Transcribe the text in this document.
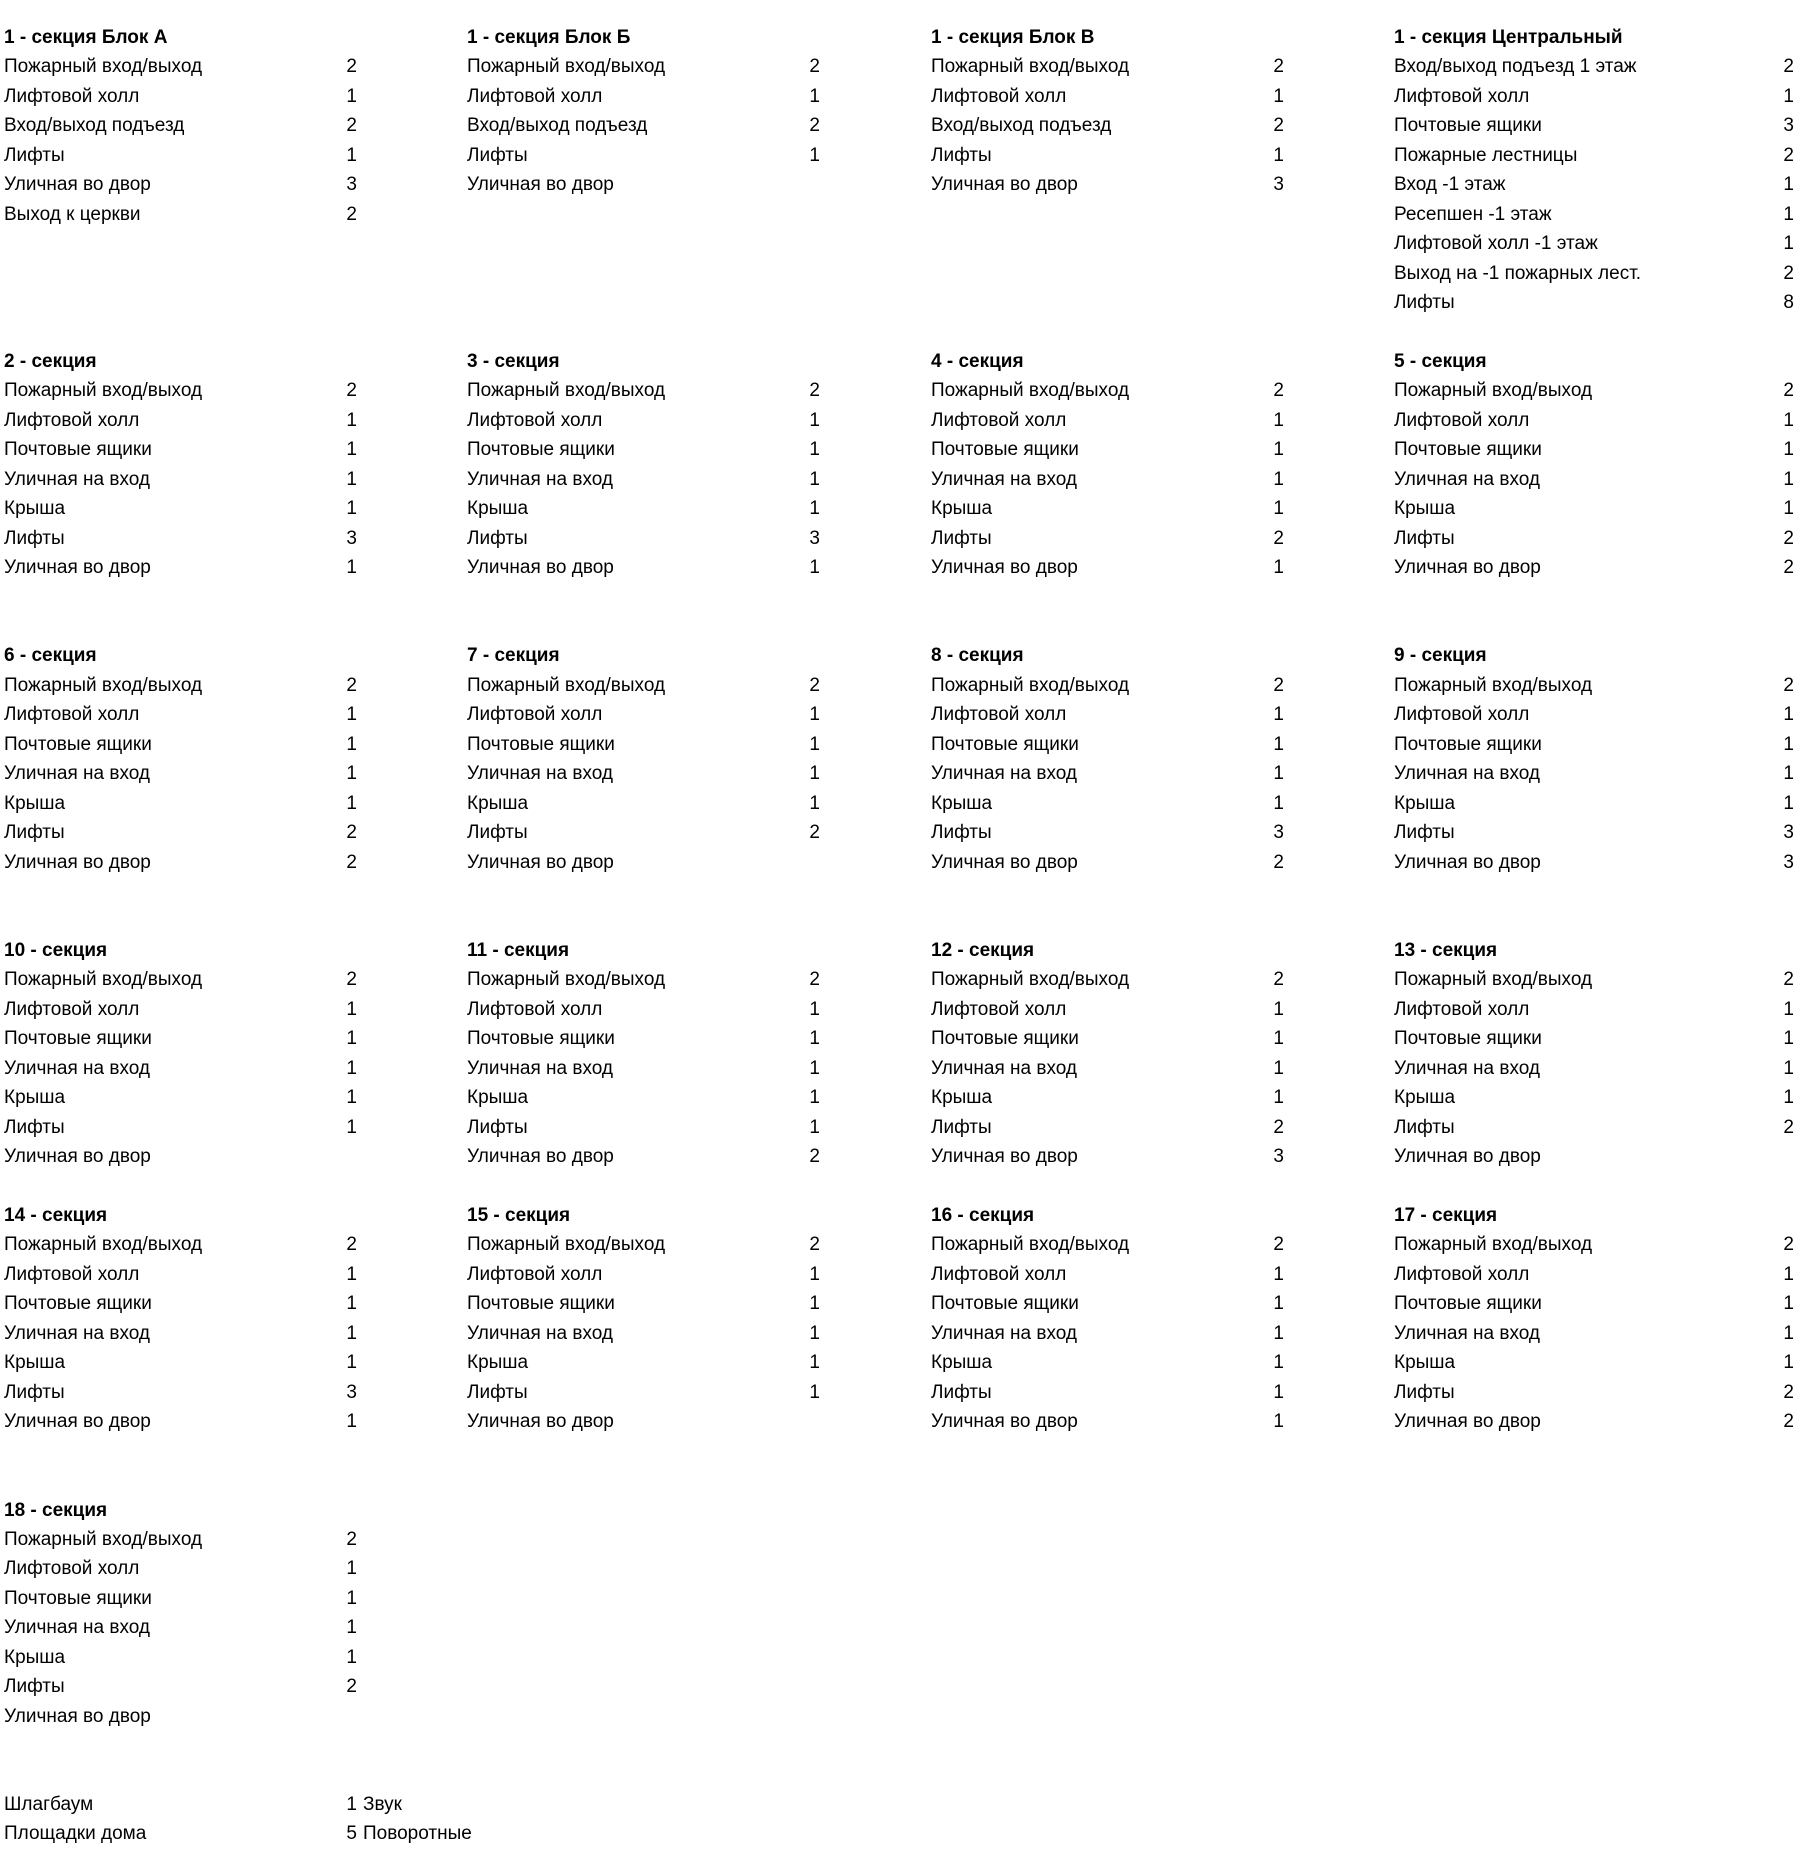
1 - секция Блок А
Пожарный вход/выход	2
Лифтовой холл	1
Вход/выход подъезд	2
Лифты	1
Уличная во двор	3
Выход к церкви	2
1 - секция Блок Б
Пожарный вход/выход	2
Лифтовой холл	1
Вход/выход подъезд	2
Лифты	1
Уличная во двор
1 - секция Блок В
Пожарный вход/выход	2
Лифтовой холл	1
Вход/выход подъезд	2
Лифты	1
Уличная во двор	3
1 - секция Центральный
Вход/выход подъезд 1 этаж	2
Лифтовой холл	1
Почтовые ящики	3
Пожарные лестницы	2
Вход -1 этаж	1
Ресепшен -1 этаж	1
Лифтовой холл -1 этаж	1
Выход на -1 пожарных лест.	2
Лифты	8
2 - секция
Пожарный вход/выход	2
Лифтовой холл	1
Почтовые ящики	1
Уличная на вход	1
Крыша	1
Лифты	3
Уличная во двор	1
3 - секция
Пожарный вход/выход	2
Лифтовой холл	1
Почтовые ящики	1
Уличная на вход	1
Крыша	1
Лифты	3
Уличная во двор	1
4 - секция
Пожарный вход/выход	2
Лифтовой холл	1
Почтовые ящики	1
Уличная на вход	1
Крыша	1
Лифты	2
Уличная во двор	1
5 - секция
Пожарный вход/выход	2
Лифтовой холл	1
Почтовые ящики	1
Уличная на вход	1
Крыша	1
Лифты	2
Уличная во двор	2
6 - секция
Пожарный вход/выход	2
Лифтовой холл	1
Почтовые ящики	1
Уличная на вход	1
Крыша	1
Лифты	2
Уличная во двор	2
7 - секция
Пожарный вход/выход	2
Лифтовой холл	1
Почтовые ящики	1
Уличная на вход	1
Крыша	1
Лифты	2
Уличная во двор
8 - секция
Пожарный вход/выход	2
Лифтовой холл	1
Почтовые ящики	1
Уличная на вход	1
Крыша	1
Лифты	3
Уличная во двор	2
9 - секция
Пожарный вход/выход	2
Лифтовой холл	1
Почтовые ящики	1
Уличная на вход	1
Крыша	1
Лифты	3
Уличная во двор	3
10 - секция
Пожарный вход/выход	2
Лифтовой холл	1
Почтовые ящики	1
Уличная на вход	1
Крыша	1
Лифты	1
Уличная во двор
11 - секция
Пожарный вход/выход	2
Лифтовой холл	1
Почтовые ящики	1
Уличная на вход	1
Крыша	1
Лифты	1
Уличная во двор	2
12 - секция
Пожарный вход/выход	2
Лифтовой холл	1
Почтовые ящики	1
Уличная на вход	1
Крыша	1
Лифты	2
Уличная во двор	3
13 - секция
Пожарный вход/выход	2
Лифтовой холл	1
Почтовые ящики	1
Уличная на вход	1
Крыша	1
Лифты	2
Уличная во двор
14 - секция
Пожарный вход/выход	2
Лифтовой холл	1
Почтовые ящики	1
Уличная на вход	1
Крыша	1
Лифты	3
Уличная во двор	1
15 - секция
Пожарный вход/выход	2
Лифтовой холл	1
Почтовые ящики	1
Уличная на вход	1
Крыша	1
Лифты	1
Уличная во двор
16 - секция
Пожарный вход/выход	2
Лифтовой холл	1
Почтовые ящики	1
Уличная на вход	1
Крыша	1
Лифты	1
Уличная во двор	1
17 - секция
Пожарный вход/выход	2
Лифтовой холл	1
Почтовые ящики	1
Уличная на вход	1
Крыша	1
Лифты	2
Уличная во двор	2
18 - секция
Пожарный вход/выход	2
Лифтовой холл	1
Почтовые ящики	1
Уличная на вход	1
Крыша	1
Лифты	2
Уличная во двор
Шлагбаум	1 Звук
Площадки дома	5 Поворотные
